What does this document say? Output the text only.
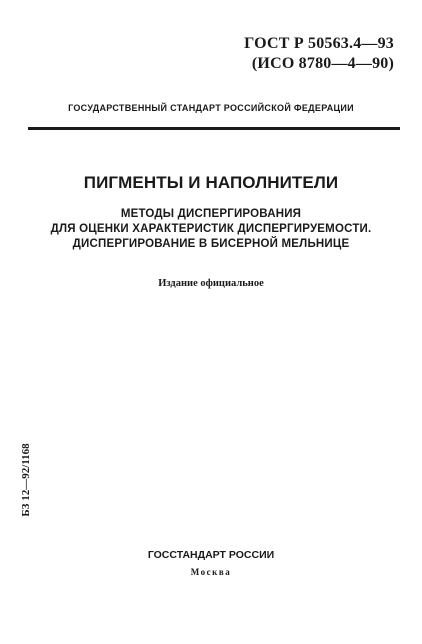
ГОСТ Р 50563.4—93
(ИСО 8780—4—90)
ГОСУДАРСТВЕННЫЙ СТАНДАРТ РОССИЙСКОЙ ФЕДЕРАЦИИ
ПИГМЕНТЫ И НАПОЛНИТЕЛИ
МЕТОДЫ ДИСПЕРГИРОВАНИЯ
ДЛЯ ОЦЕНКИ ХАРАКТЕРИСТИК ДИСПЕРГИРУЕМОСТИ.
ДИСПЕРГИРОВАНИЕ В БИСЕРНОЙ МЕЛЬНИЦЕ
Издание официальное
БЗ 12—92/1168
ГОССТАНДАРТ РОССИИ
Москва
